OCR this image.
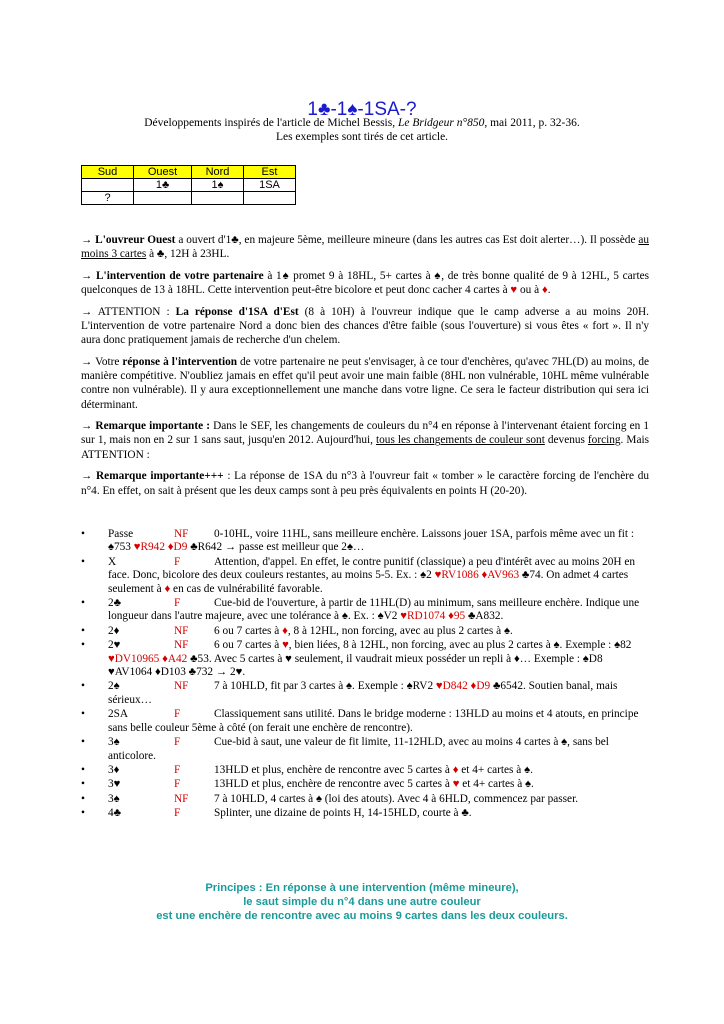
1♣-1♠-1SA-?
Développements inspirés de l'article de Michel Bessis, Le Bridgeur n°850, mai 2011, p. 32-36.
Les exemples sont tirés de cet article.
Sud	Ouest	Nord	Est
	1♣	1♠	1SA
?			

→ L'ouvreur Ouest a ouvert d'1♣, en majeure 5ème, meilleure mineure (dans les autres cas Est doit alerter…). Il possède au moins 3 cartes à ♣, 12H à 23HL.

→ L'intervention de votre partenaire à 1♠ promet 9 à 18HL, 5+ cartes à ♠, de très bonne qualité de 9 à 12HL, 5 cartes quelconques de 13 à 18HL. Cette intervention peut-être bicolore et peut donc cacher 4 cartes à ♥ ou à ♦.

→ ATTENTION : La réponse d'1SA d'Est (8 à 10H) à l'ouvreur indique que le camp adverse a au moins 20H. L'intervention de votre partenaire Nord a donc bien des chances d'être faible (sous l'ouverture) si vous êtes « fort ». Il n'y aura donc pratiquement jamais de recherche d'un chelem.

→ Votre réponse à l'intervention de votre partenaire ne peut s'envisager, à ce tour d'enchères, qu'avec 7HL(D) au moins, de manière compétitive. N'oubliez jamais en effet qu'il peut avoir une main faible (8HL non vulnérable, 10HL même vulnérable contre non vulnérable). Il y aura exceptionnellement une manche dans votre ligne. Ce sera le facteur distribution qui sera ici déterminant.

→ Remarque importante : Dans le SEF, les changements de couleurs du n°4 en réponse à l'intervenant étaient forcing en 1 sur 1, mais non en 2 sur 1 sans saut, jusqu'en 2012. Aujourd'hui, tous les changements de couleur sont devenus forcing. Mais ATTENTION :

→ Remarque importante+++ : La réponse de 1SA du n°3 à l'ouvreur fait « tomber » le caractère forcing de l'enchère du n°4. En effet, on sait à présent que les deux camps sont à peu près équivalents en points H (20-20).

• Passe	NF 0-10HL, voire 11HL, sans meilleure enchère. Laissons jouer 1SA, parfois même avec un fit : ♠753 ♥R942 ♦D9 ♣R642 → passe est meilleur que 2♠…
• X	F	Attention, d'appel. En effet, le contre punitif (classique) a peu d'intérêt avec au moins 20H en face. Donc, bicolore des deux couleurs restantes, au moins 5-5. Ex. : ♠2 ♥RV1086 ♦AV963 ♣74. On admet 4 cartes seulement à ♦ en cas de vulnérabilité favorable.
• 2♣	F	Cue-bid de l'ouverture, à partir de 11HL(D) au minimum, sans meilleure enchère. Indique une longueur dans l'autre majeure, avec une tolérance à ♠. Ex. : ♠V2 ♥RD1074 ♦95 ♣A832.
• 2♦	NF 6 ou 7 cartes à ♦, 8 à 12HL, non forcing, avec au plus 2 cartes à ♠.
• 2♥	NF 6 ou 7 cartes à ♥, bien liées, 8 à 12HL, non forcing, avec au plus 2 cartes à ♠. Exemple : ♠82 ♥DV10965 ♦A42 ♣53. Avec 5 cartes à ♥ seulement, il vaudrait mieux posséder un repli à ♦… Exemple : ♠D8 ♥AV1064 ♦D103 ♣732 → 2♥.
• 2♠	NF 7 à 10HLD, fit par 3 cartes à ♠. Exemple : ♠RV2 ♥D842 ♦D9 ♣6542. Soutien banal, mais sérieux…
• 2SA	F	Classiquement sans utilité. Dans le bridge moderne : 13HLD au moins et 4 atouts, en principe sans belle couleur 5ème à côté (on ferait une enchère de rencontre).
• 3♠	F	Cue-bid à saut, une valeur de fit limite, 11-12HLD, avec au moins 4 cartes à ♠, sans bel anticolore.
• 3♦	F	13HLD et plus, enchère de rencontre avec 5 cartes à ♦ et 4+ cartes à ♠.
• 3♥	F	13HLD et plus, enchère de rencontre avec 5 cartes à ♥ et 4+ cartes à ♠.
• 3♠	NF 7 à 10HLD, 4 cartes à ♠ (loi des atouts). Avec 4 à 6HLD, commencez par passer.
• 4♣	F	Splinter, une dizaine de points H, 14-15HLD, courte à ♣.
Principes : En réponse à une intervention (même mineure),
le saut simple du n°4 dans une autre couleur
est une enchère de rencontre avec au moins 9 cartes dans les deux couleurs.
